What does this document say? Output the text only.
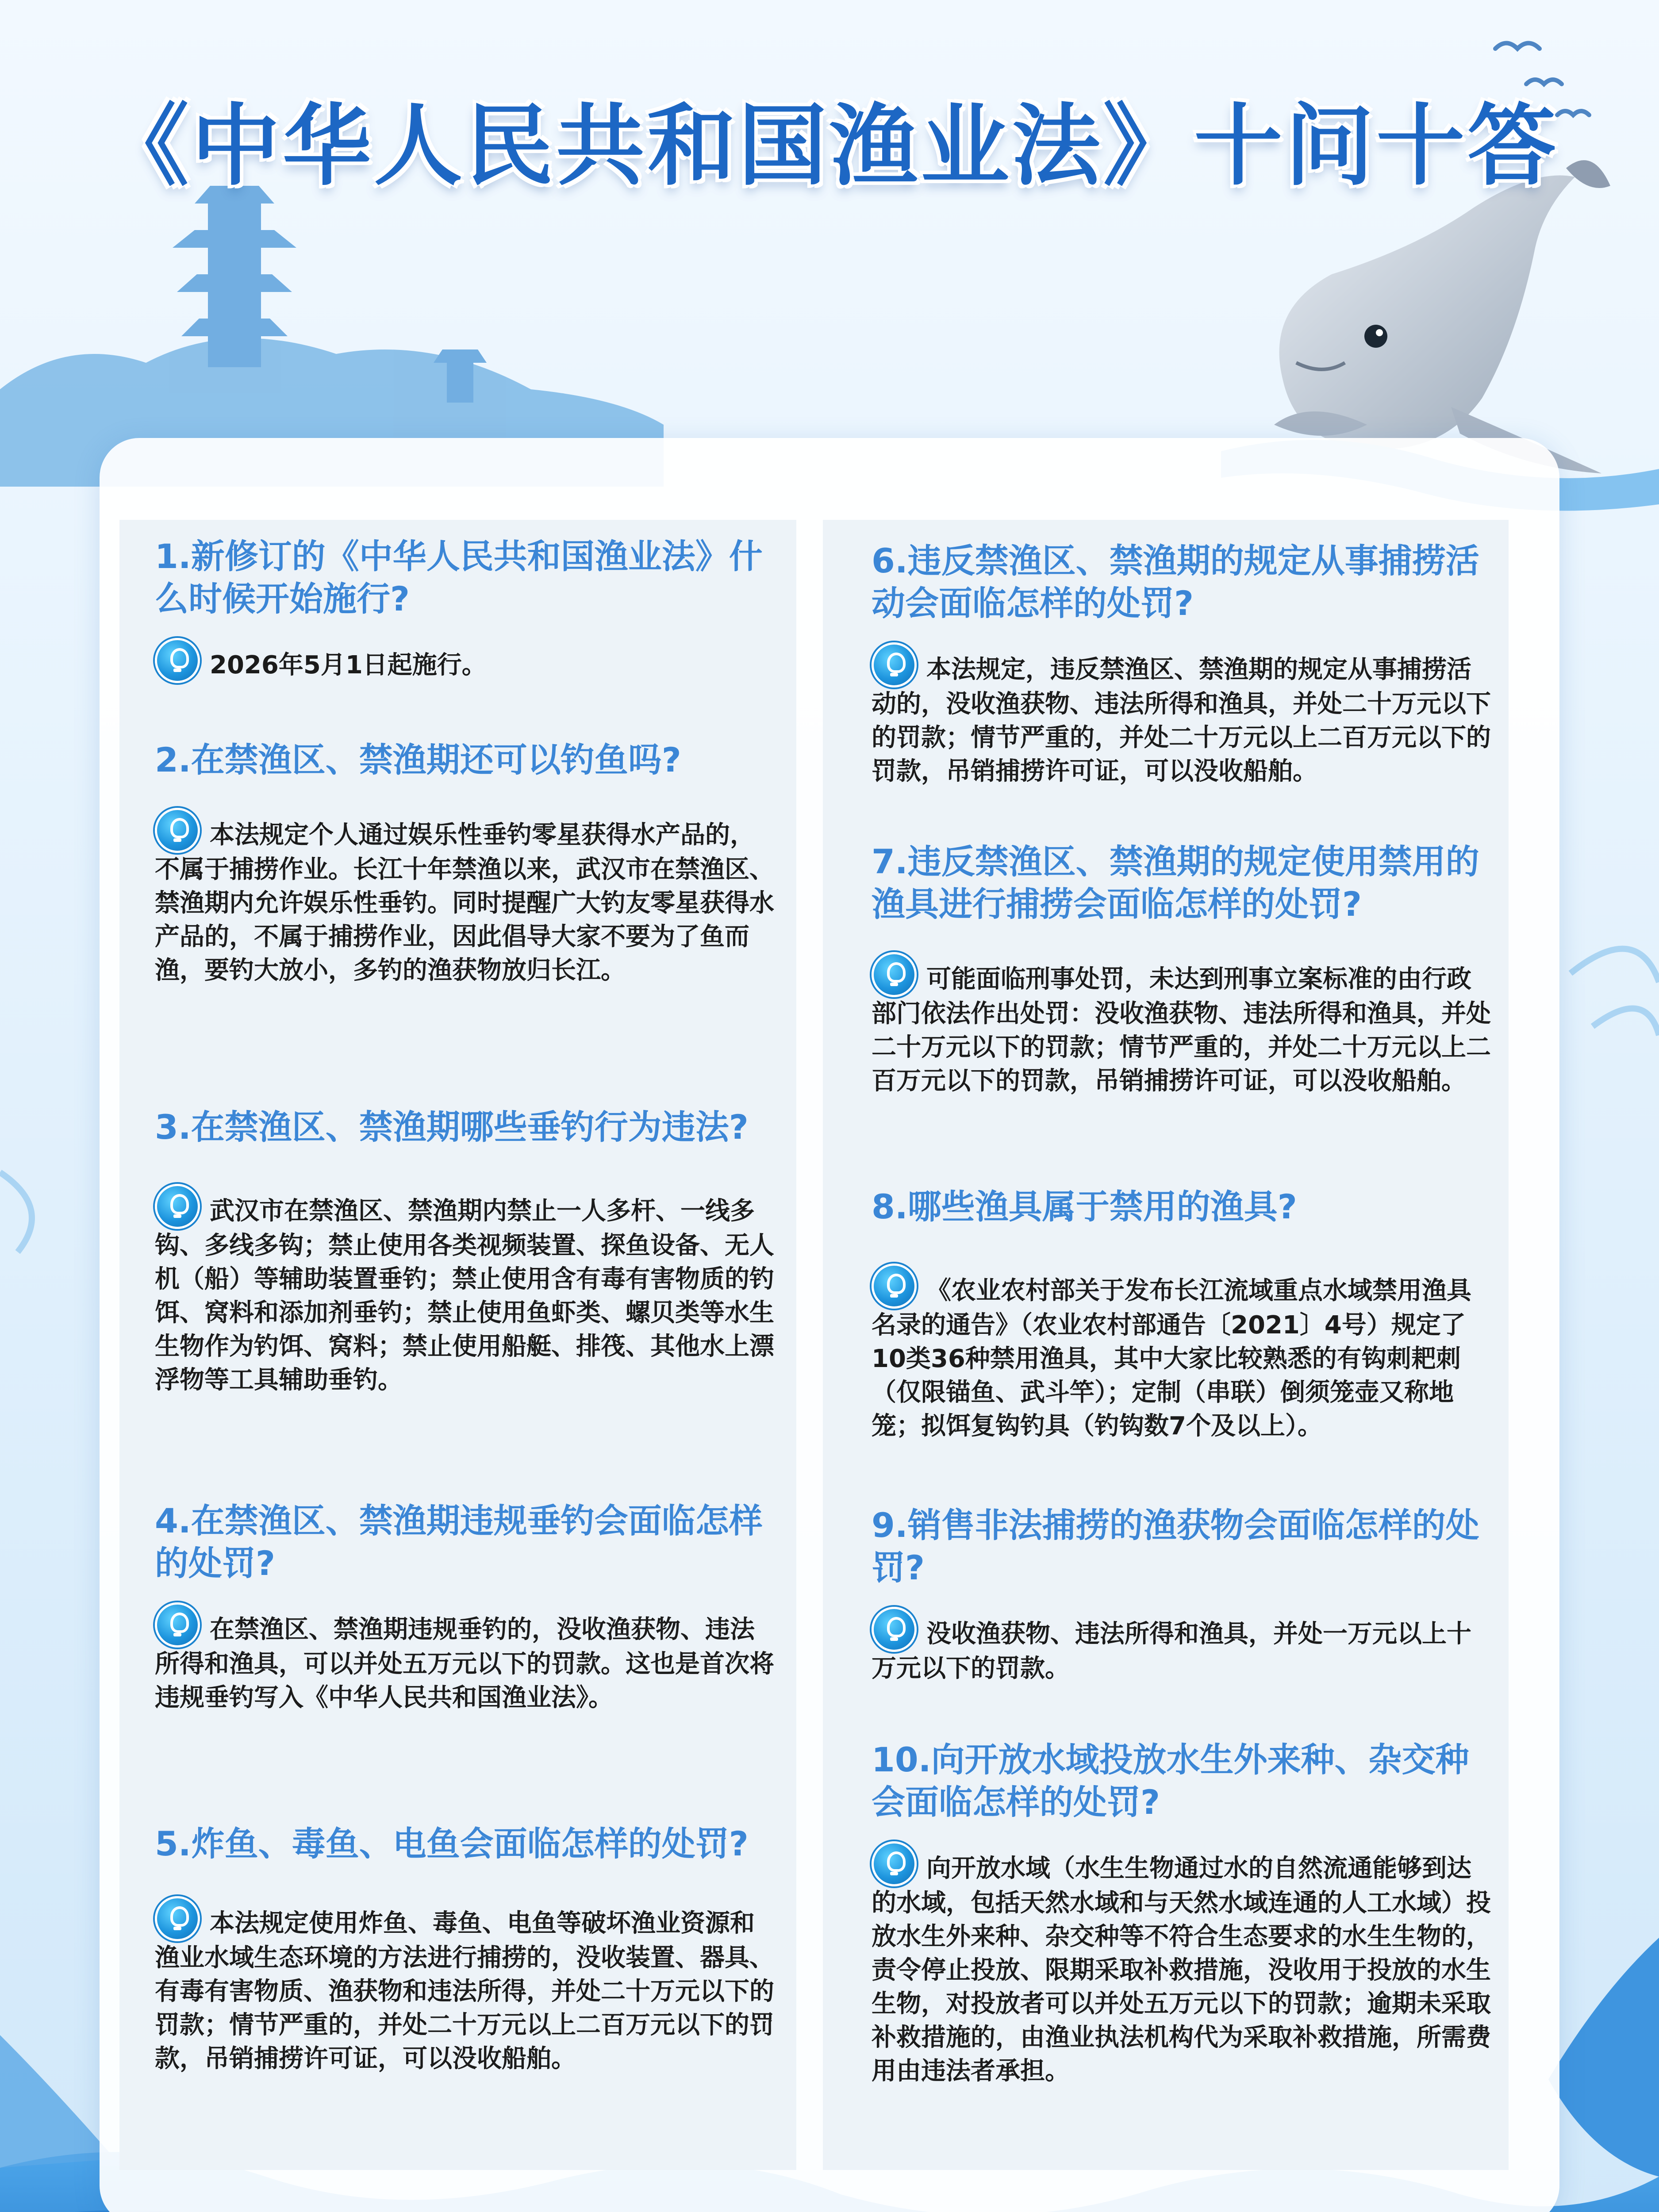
《中华人民共和国渔业法》十问十答

1.新修订的《中华人民共和国渔业法》什么时候开始施行?

2026年5月1日起施行。

2.在禁渔区、禁渔期还可以钓鱼吗?

本法规定个人通过娱乐性垂钓零星获得水产品的，不属于捕捞作业。长江十年禁渔以来，武汉市在禁渔区、禁渔期内允许娱乐性垂钓。同时提醒广大钓友零星获得水产品的，不属于捕捞作业，因此倡导大家不要为了鱼而渔，要钓大放小，多钓的渔获物放归长江。

3.在禁渔区、禁渔期哪些垂钓行为违法?

武汉市在禁渔区、禁渔期内禁止一人多杆、一线多钩、多线多钩；禁止使用各类视频装置、探鱼设备、无人机（船）等辅助装置垂钓；禁止使用含有毒有害物质的钓饵、窝料和添加剂垂钓；禁止使用鱼虾类、螺贝类等水生生物作为钓饵、窝料；禁止使用船艇、排筏、其他水上漂浮物等工具辅助垂钓。

4.在禁渔区、禁渔期违规垂钓会面临怎样的处罚?

在禁渔区、禁渔期违规垂钓的，没收渔获物、违法所得和渔具，可以并处五万元以下的罚款。这也是首次将违规垂钓写入《中华人民共和国渔业法》。

5.炸鱼、毒鱼、电鱼会面临怎样的处罚?

本法规定使用炸鱼、毒鱼、电鱼等破坏渔业资源和渔业水域生态环境的方法进行捕捞的，没收装置、器具、有毒有害物质、渔获物和违法所得，并处二十万元以下的罚款；情节严重的，并处二十万元以上二百万元以下的罚款，吊销捕捞许可证，可以没收船舶。

6.违反禁渔区、禁渔期的规定从事捕捞活动会面临怎样的处罚?

本法规定，违反禁渔区、禁渔期的规定从事捕捞活动的，没收渔获物、违法所得和渔具，并处二十万元以下的罚款；情节严重的，并处二十万元以上二百万元以下的罚款，吊销捕捞许可证，可以没收船舶。

7.违反禁渔区、禁渔期的规定使用禁用的渔具进行捕捞会面临怎样的处罚?

可能面临刑事处罚，未达到刑事立案标准的由行政部门依法作出处罚：没收渔获物、违法所得和渔具，并处二十万元以下的罚款；情节严重的，并处二十万元以上二百万元以下的罚款，吊销捕捞许可证，可以没收船舶。

8.哪些渔具属于禁用的渔具?

《农业农村部关于发布长江流域重点水域禁用渔具名录的通告》（农业农村部通告〔2021〕4号）规定了10类36种禁用渔具，其中大家比较熟悉的有钩刺耙刺（仅限锚鱼、武斗竿）；定制（串联）倒须笼壶又称地笼；拟饵复钩钓具（钓钩数7个及以上）。

9.销售非法捕捞的渔获物会面临怎样的处罚?

没收渔获物、违法所得和渔具，并处一万元以上十万元以下的罚款。

10.向开放水域投放水生外来种、杂交种会面临怎样的处罚?

向开放水域（水生生物通过水的自然流通能够到达的水域，包括天然水域和与天然水域连通的人工水域）投放水生外来种、杂交种等不符合生态要求的水生生物的，责令停止投放、限期采取补救措施，没收用于投放的水生生物，对投放者可以并处五万元以下的罚款；逾期未采取补救措施的，由渔业执法机构代为采取补救措施，所需费用由违法者承担。
